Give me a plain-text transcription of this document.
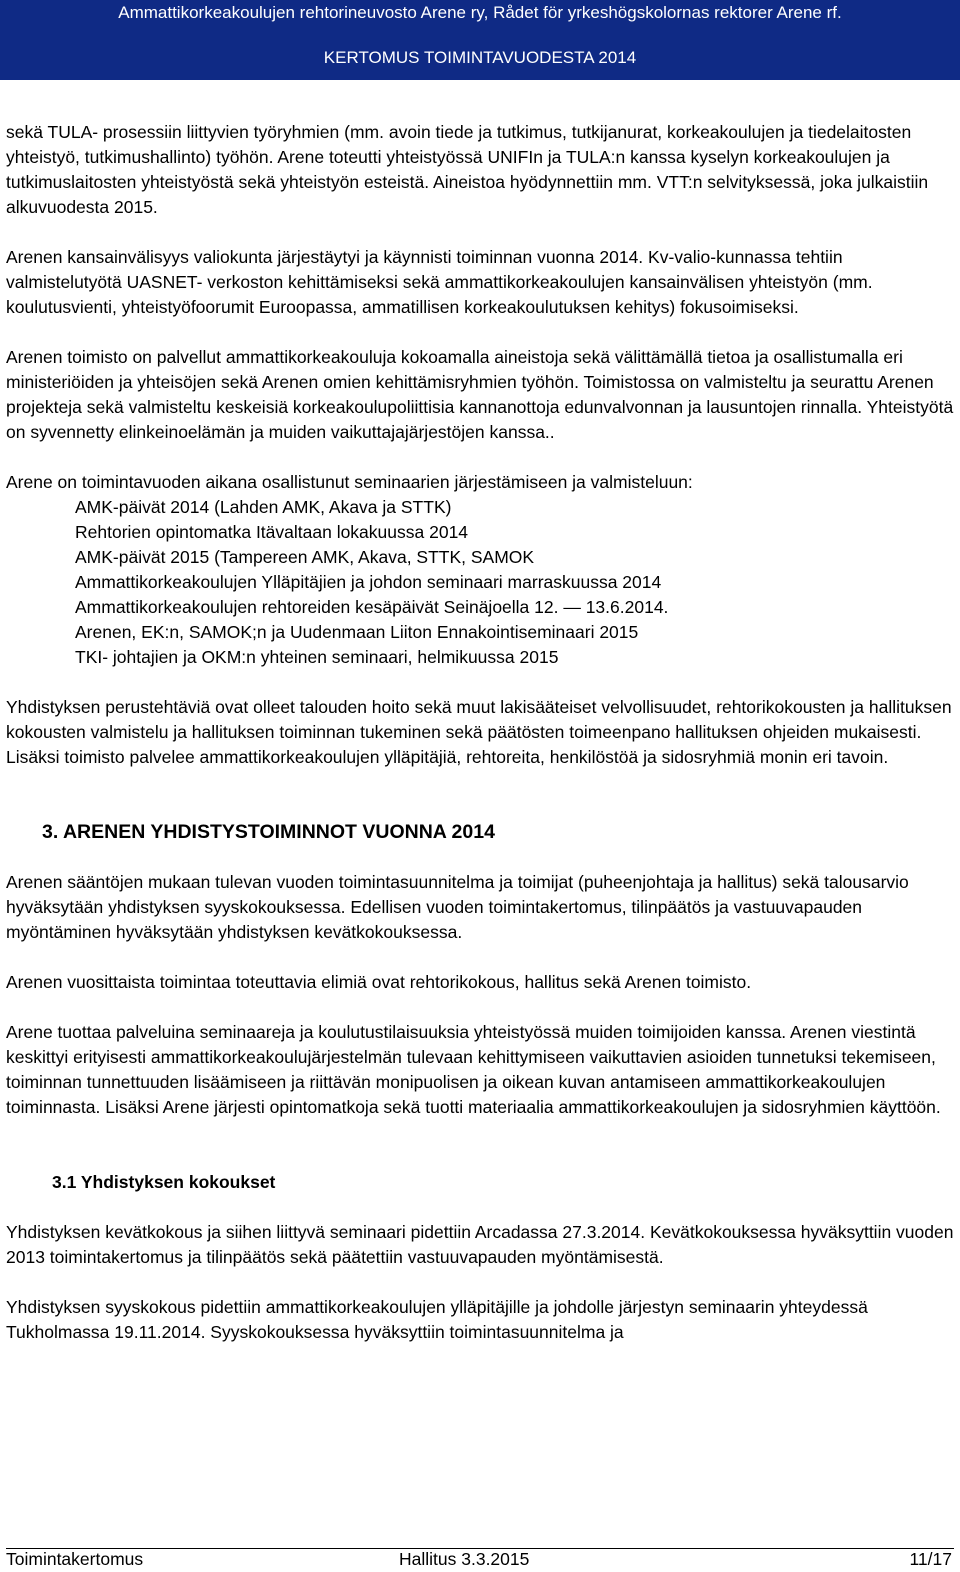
Ammattikorkeakoulujen rehtorineuvosto Arene ry, Rådet för yrkeshögskolornas rektorer Arene rf.
KERTOMUS TOIMINTAVUODESTA 2014

sekä TULA- prosessiin liittyvien työryhmien (mm. avoin tiede ja tutkimus, tutkijanurat, korkeakoulujen ja tiedelaitosten yhteistyö, tutkimushallinto) työhön. Arene toteutti yhteistyössä UNIFIn ja TULA:n kanssa kyselyn korkeakoulujen ja tutkimuslaitosten yhteistyöstä sekä yhteistyön esteistä. Aineistoa hyödynnettiin mm. VTT:n selvityksessä, joka julkaistiin alkuvuodesta 2015.

Arenen kansainvälisyys valiokunta järjestäytyi ja käynnisti toiminnan vuonna 2014. Kv-valio-kunnassa tehtiin valmistelutyötä UASNET- verkoston kehittämiseksi sekä ammattikorkeakoulujen kansainvälisen yhteistyön (mm. koulutusvienti, yhteistyöfoorumit Euroopassa, ammatillisen korkeakoulutuksen kehitys) fokusoimiseksi.

Arenen toimisto on palvellut ammattikorkeakouluja kokoamalla aineistoja sekä välittämällä tietoa ja osallistumalla eri ministeriöiden ja yhteisöjen sekä Arenen omien kehittämisryhmien työhön. Toimistossa on valmisteltu ja seurattu Arenen projekteja sekä valmisteltu keskeisiä korkeakoulupoliittisia kannanottoja edunvalvonnan ja lausuntojen rinnalla. Yhteistyötä on syvennetty elinkeinoelämän ja muiden vaikuttajajärjestöjen kanssa..

Arene on toimintavuoden aikana osallistunut seminaarien järjestämiseen ja valmisteluun:

AMK-päivät 2014 (Lahden AMK, Akava ja STTK)
Rehtorien opintomatka Itävaltaan lokakuussa 2014
AMK-päivät 2015 (Tampereen AMK, Akava, STTK, SAMOK
Ammattikorkeakoulujen Ylläpitäjien ja johdon seminaari marraskuussa 2014
Ammattikorkeakoulujen rehtoreiden kesäpäivät Seinäjoella 12. — 13.6.2014.
Arenen, EK:n, SAMOK;n ja Uudenmaan Liiton Ennakointiseminaari 2015
TKI- johtajien ja OKM:n yhteinen seminaari, helmikuussa 2015

Yhdistyksen perustehtäviä ovat olleet talouden hoito sekä muut lakisääteiset velvollisuudet, rehtorikokousten ja hallituksen kokousten valmistelu ja hallituksen toiminnan tukeminen sekä päätösten toimeenpano hallituksen ohjeiden mukaisesti. Lisäksi toimisto palvelee ammattikorkeakoulujen ylläpitäjiä, rehtoreita, henkilöstöä ja sidosryhmiä monin eri tavoin.

3. ARENEN YHDISTYSTOIMINNOT VUONNA 2014

Arenen sääntöjen mukaan tulevan vuoden toimintasuunnitelma ja toimijat (puheenjohtaja ja hallitus) sekä talousarvio hyväksytään yhdistyksen syyskokouksessa. Edellisen vuoden toimintakertomus, tilinpäätös ja vastuuvapauden myöntäminen hyväksytään yhdistyksen kevätkokouksessa.

Arenen vuosittaista toimintaa toteuttavia elimiä ovat rehtorikokous, hallitus sekä Arenen toimisto.

Arene tuottaa palveluina seminaareja ja koulutustilaisuuksia yhteistyössä muiden toimijoiden kanssa. Arenen viestintä keskittyi erityisesti ammattikorkeakoulujärjestelmän tulevaan kehittymiseen vaikuttavien asioiden tunnetuksi tekemiseen, toiminnan tunnettuuden lisäämiseen ja riittävän monipuolisen ja oikean kuvan antamiseen ammattikorkeakoulujen toiminnasta. Lisäksi Arene järjesti opintomatkoja sekä tuotti materiaalia ammattikorkeakoulujen ja sidosryhmien käyttöön.

3.1 Yhdistyksen kokoukset

Yhdistyksen kevätkokous ja siihen liittyvä seminaari pidettiin Arcadassa 27.3.2014. Kevätkokouksessa hyväksyttiin vuoden 2013 toimintakertomus ja tilinpäätös sekä päätettiin vastuuvapauden myöntämisestä.

Yhdistyksen syyskokous pidettiin ammattikorkeakoulujen ylläpitäjille ja johdolle järjestyn seminaarin yhteydessä Tukholmassa 19.11.2014. Syyskokouksessa hyväksyttiin toimintasuunnitelma ja

Toimintakertomus	Hallitus 3.3.2015	11/17
